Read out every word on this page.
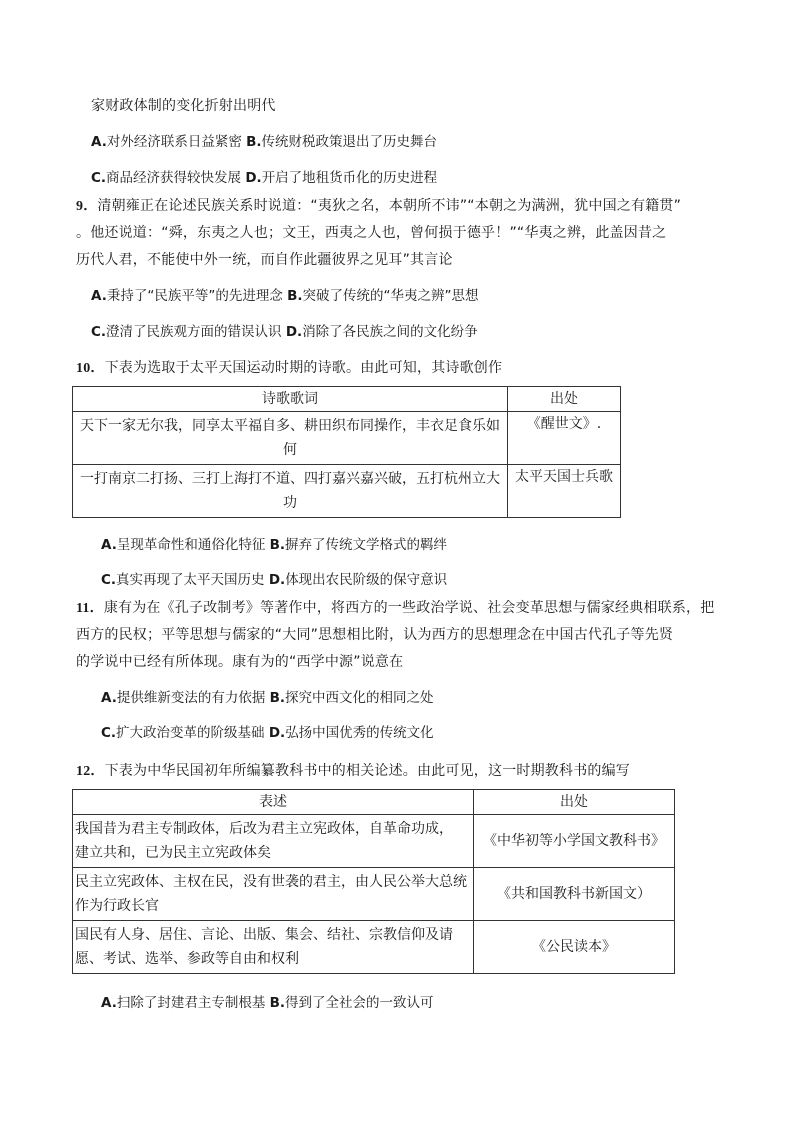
家财政体制的变化折射出明代
A.对外经济联系日益紧密 B.传统财税政策退出了历史舞台
C.商品经济获得较快发展 D.开启了地租货币化的历史进程
9．清朝雍正在论述民族关系时说道：“夷狄之名，本朝所不讳”“本朝之为满洲，犹中国之有籍贯”
。他还说道：“舜，东夷之人也；文王，西夷之人也，曾何损于德乎！”“华夷之辨，此盖因昔之
历代人君，不能使中外一统，而自作此疆彼界之见耳”其言论
A.秉持了“民族平等”的先进理念 B.突破了传统的“华夷之辨”思想
C.澄清了民族观方面的错误认识 D.消除了各民族之间的文化纷争
10．下表为选取于太平天国运动时期的诗歌。由此可知，其诗歌创作
诗歌歌词	出处
天下一家无尔我，同享太平福自多、耕田织布同操作，丰衣足食乐如
何	《醒世文》.
一打南京二打扬、三打上海打不道、四打嘉兴嘉兴破，五打杭州立大
功	太平天国士兵歌
A.呈现革命性和通俗化特征 B.摒弃了传统文学格式的羁绊
C.真实再现了太平天国历史 D.体现出农民阶级的保守意识
11．康有为在《孔子改制考》等著作中，将西方的一些政治学说、社会变革思想与儒家经典相联系，把
西方的民权；平等思想与儒家的“大同”思想相比附，认为西方的思想理念在中国古代孔子等先贤
的学说中已经有所体现。康有为的“西学中源”说意在
A.提供维新变法的有力依据 B.探究中西文化的相同之处
C.扩大政治变革的阶级基础 D.弘扬中国优秀的传统文化
12．下表为中华民国初年所编纂教科书中的相关论述。由此可见，这一时期教科书的编写
表述	出处
我国昔为君主专制政体，后改为君主立宪政体，自革命功成，
建立共和，已为民主立宪政体矣	《中华初等小学国文教科书》
民主立宪政体、主权在民，没有世袭的君主，由人民公举大总统
作为行政长官	《共和国教科书新国文）
国民有人身、居住、言论、出版、集会、结社、宗教信仰及请
愿、考试、选举、参政等自由和权利	《公民读本》
A.扫除了封建君主专制根基 B.得到了全社会的一致认可
